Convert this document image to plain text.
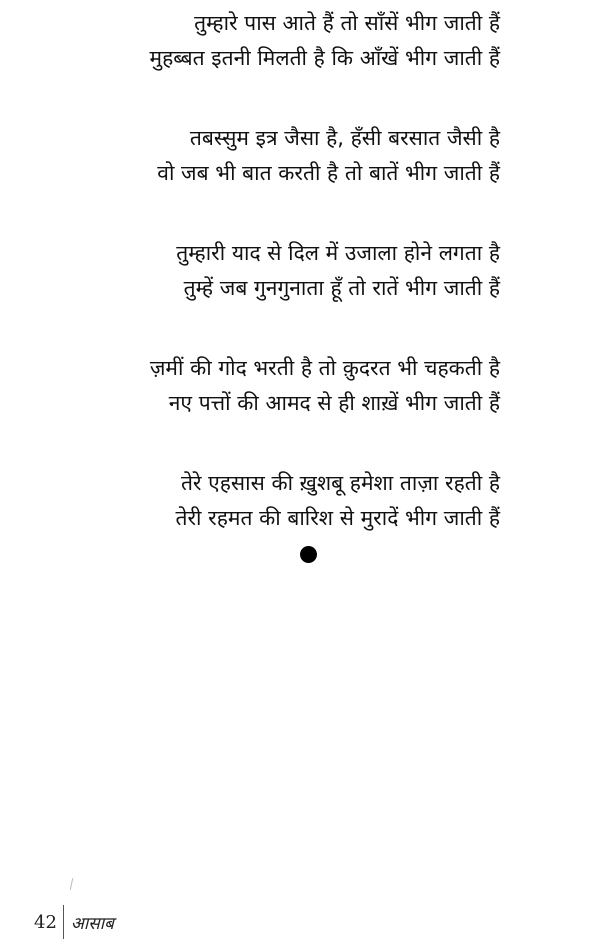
तुम्हारे पास आते हैं तो साँसें भीग जाती हैं
मुहब्बत इतनी मिलती है कि आँखें भीग जाती हैं
तबस्सुम इत्र जैसा है, हँसी बरसात जैसी है
वो जब भी बात करती है तो बातें भीग जाती हैं
तुम्हारी याद से दिल में उजाला होने लगता है
तुम्हें जब गुनगुनाता हूँ तो रातें भीग जाती हैं
ज़मीं की गोद भरती है तो क़ुदरत भी चहकती है
नए पत्तों की आमद से ही शाख़ें भीग जाती हैं
तेरे एहसास की ख़ुशबू हमेशा ताज़ा रहती है
तेरी रहमत की बारिश से मुरादें भीग जाती हैं
42 आसाब
